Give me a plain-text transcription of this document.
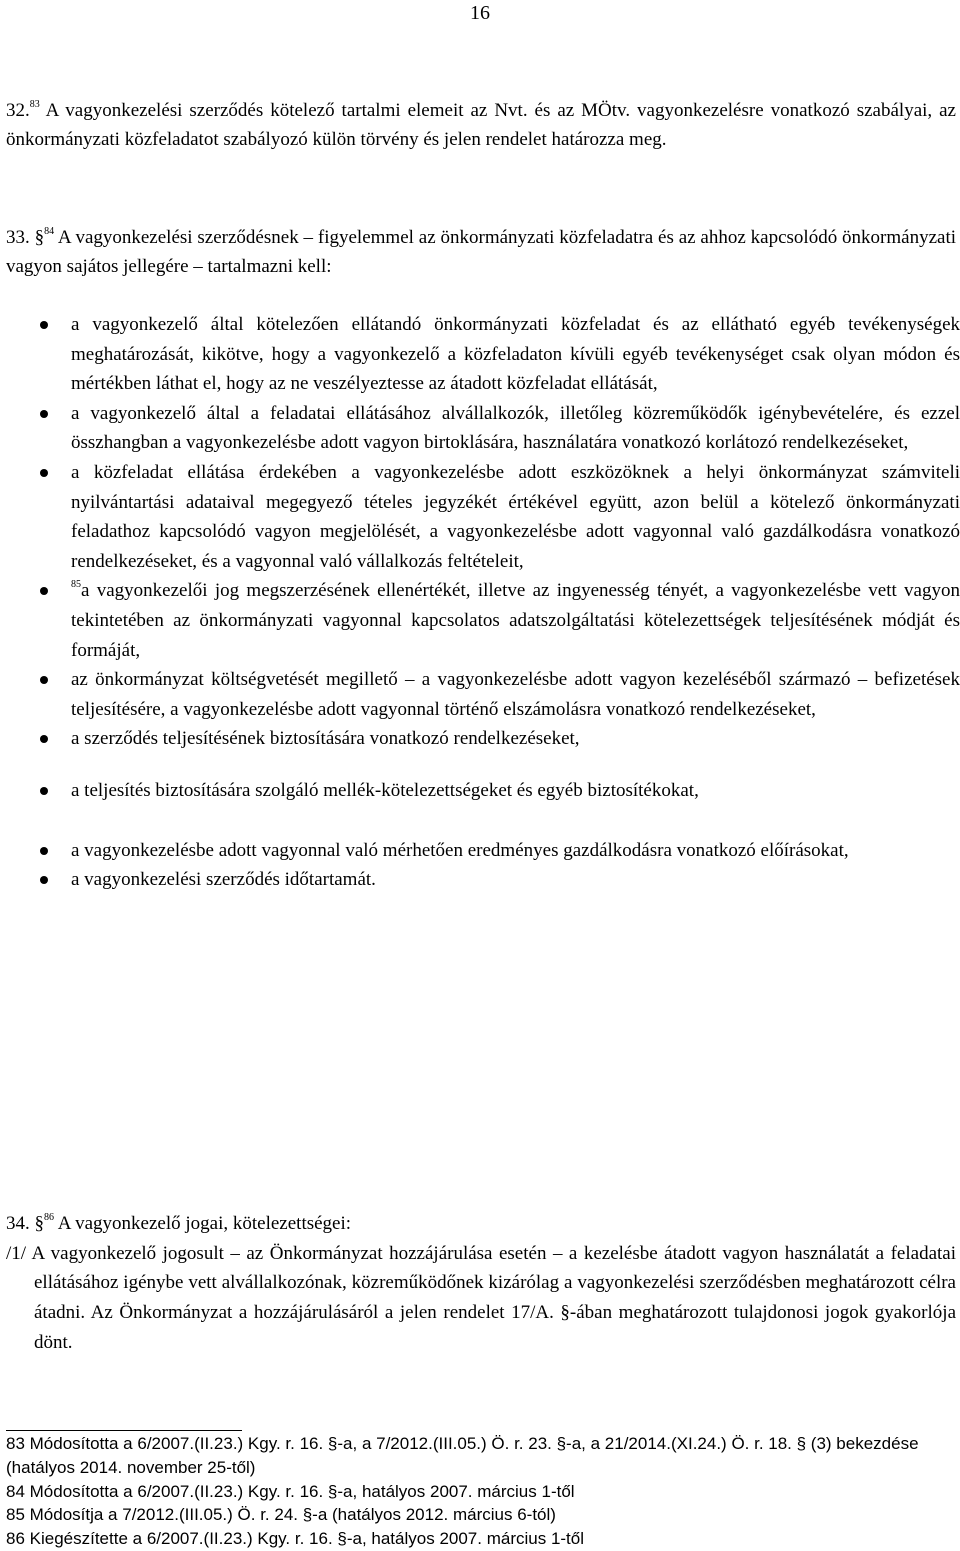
16

32.83 A vagyonkezelési szerződés kötelező tartalmi elemeit az Nvt. és az MÖtv. vagyonkezelésre vonatkozó szabályai, az önkormányzati közfeladatot szabályozó külön törvény és jelen rendelet határozza meg.

33. §$^{84}$ A vagyonkezelési szerződésnek – figyelemmel az önkormányzati közfeladatra és az ahhoz kapcsolódó önkormányzati vagyon sajátos jellegére – tartalmazni kell:

a vagyonkezelő által kötelezően ellátandó önkormányzati közfeladat és az ellátható egyéb tevékenységek meghatározását, kikötve, hogy a vagyonkezelő a közfeladaton kívüli egyéb tevékenységet csak olyan módon és mértékben láthat el, hogy az ne veszélyeztesse az átadott közfeladat ellátását,
a vagyonkezelő által a feladatai ellátásához alvállalkozók, illetőleg közreműködők igénybevételére, és ezzel összhangban a vagyonkezelésbe adott vagyon birtoklására, használatára vonatkozó korlátozó rendelkezéseket,
a közfeladat ellátása érdekében a vagyonkezelésbe adott eszközöknek a helyi önkormányzat számviteli nyilvántartási adataival megegyező tételes jegyzékét értékével együtt, azon belül a kötelező önkormányzati feladathoz kapcsolódó vagyon megjelölését, a vagyonkezelésbe adott vagyonnal való gazdálkodásra vonatkozó rendelkezéseket, és a vagyonnal való vállalkozás feltételeit,
$^{85}$a vagyonkezelői jog megszerzésének ellenértékét, illetve az ingyenesség tényét, a vagyonkezelésbe vett vagyon tekintetében az önkormányzati vagyonnal kapcsolatos adatszolgáltatási kötelezettségek teljesítésének módját és formáját,
az önkormányzat költségvetését megillető – a vagyonkezelésbe adott vagyon kezeléséből származó – befizetések teljesítésére, a vagyonkezelésbe adott vagyonnal történő elszámolásra vonatkozó rendelkezéseket,
a szerződés teljesítésének biztosítására vonatkozó rendelkezéseket,
a teljesítés biztosítására szolgáló mellék-kötelezettségeket és egyéb biztosítékokat,
a vagyonkezelésbe adott vagyonnal való mérhetően eredményes gazdálkodásra vonatkozó előírásokat,
a vagyonkezelési szerződés időtartamát.

34. §$^{86}$ A vagyonkezelő jogai, kötelezettségei:

/1/ A vagyonkezelő jogosult – az Önkormányzat hozzájárulása esetén – a kezelésbe átadott vagyon használatát a feladatai ellátásához igénybe vett alvállalkozónak, közreműködőnek kizárólag a vagyonkezelési szerződésben meghatározott célra átadni. Az Önkormányzat a hozzájárulásáról a jelen rendelet 17/A. §-ában meghatározott tulajdonosi jogok gyakorlója dönt.

83 Módosította a 6/2007.(II.23.) Kgy. r. 16. §-a, a 7/2012.(III.05.) Ö. r. 23. §-a, a 21/2014.(XI.24.) Ö. r. 18. § (3) bekezdése (hatályos 2014. november 25-től)

84 Módosította a 6/2007.(II.23.) Kgy. r. 16. §-a, hatályos 2007. március 1-től

85 Módosítja a 7/2012.(III.05.) Ö. r. 24. §-a (hatályos 2012. március 6-tól)

86 Kiegészítette a 6/2007.(II.23.) Kgy. r. 16. §-a, hatályos 2007. március 1-től
